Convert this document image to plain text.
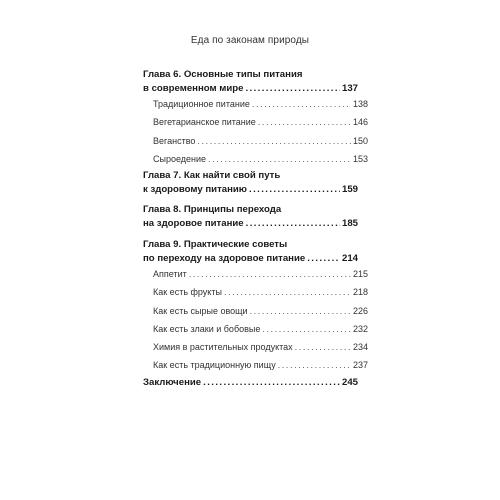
Еда по законам природы
Глава 6. Основные типы питания
в современном мире .....	137
Традиционное питание .....	138
Вегетарианское питание .....	146
Веганство .....	150
Сыроедение .....	153
Глава 7. Как найти свой путь
к здоровому питанию .....	159
Глава 8. Принципы перехода
на здоровое питание .....	185
Глава 9. Практические советы
по переходу на здоровое питание .....	214
Аппетит .....	215
Как есть фрукты .....	218
Как есть сырые овощи .....	226
Как есть злаки и бобовые .....	232
Химия в растительных продуктах .....	234
Как есть традиционную пищу .....	237
Заключение .....	245
